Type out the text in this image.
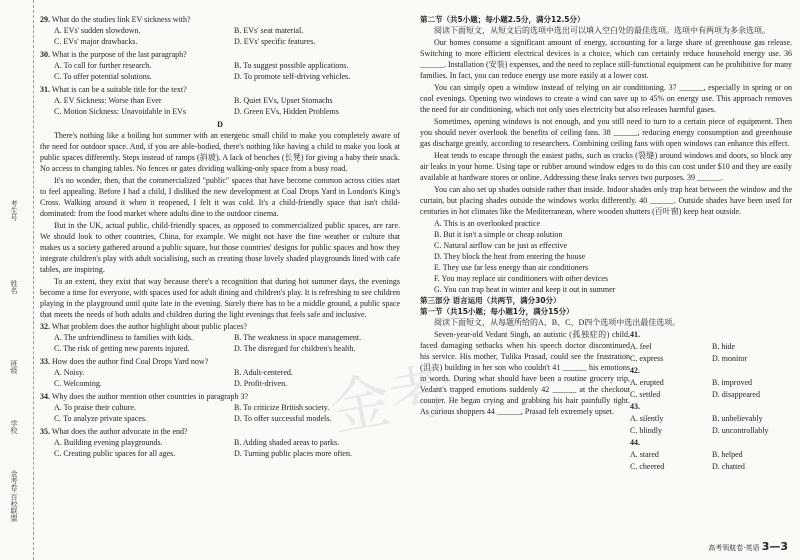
考生号
姓名
班级
学校
金考卷·百校联盟
29. What do the studies link EV sickness with?
A. EVs' sudden slowdown.	B. EVs' seat material.
C. EVs' major drawbacks.	D. EVs' specific features.
30. What is the purpose of the last paragraph?
A. To call for further research.	B. To suggest possible applications.
C. To offer potential solutions.	D. To promote self-driving vehicles.
31. What is can be a suitable title for the text?
A. EV Sickness: Worse than Ever	B. Quiet EVs, Upset Stomachs
C. Motion Sickness: Unavoidable in EVs	D. Green EVs, Hidden Problems
D

There's nothing like a boiling hot summer with an energetic small child to make you completely aware of the need for outdoor space. And, if you are able-bodied, there's nothing like having a child to make you look at public spaces differently. Steps instead of ramps (斜坡). A lack of benches (长凳) for giving a baby their snack. No access to changing tables. No fences or gates dividing walking-only space from a busy road.

It's no wonder, then, that the commercialized "public" spaces that have become common across cities start to feel appealing. Before I had a child, I disliked the new development at Coal Drops Yard in London's King's Cross. Walking around it when it reopened, I felt it was cold. It's a child-friendly space that isn't child-dominated: from the food market where adults dine to the outdoor cinema.

But in the UK, actual public, child-friendly spaces, as opposed to commercialized public spaces, are rare. We should look to other countries, China, for example. We might not have the fine weather or culture that makes us a society gathered around a public square, but those countries' designs for public spaces and how they integrate children's play with adult socialising, such as creating those lovely shaded playgrounds lined with cafe tables, are inspiring.

To an extent, they exist that way because there's a recognition that during hot summer days, the evenings become a time for everyone, with spaces used for adult dining and children's play. It is refreshing to see children playing in the playground until quite late in the evening. Surely there has to be a middle ground, a public space that meets the needs of both adults and children during the light evenings that feels safe and inclusive.

32. What problem does the author highlight about public places?
A. The unfriendliness to families with kids.	B. The weakness in space management.
C. The risk of getting new parents injured.	D. The disregard for children's health.
33. How does the author find Coal Drops Yard now?
A. Noisy.	B. Adult-centered.
C. Welcoming.	D. Profit-driven.
34. Why does the author mention other countries in paragraph 3?
A. To praise their culture.	B. To criticize British society.
C. To analyze private spaces.	D. To offer successful models.
35. What does the author advocate in the end?
A. Building evening playgrounds.	B. Adding shaded areas to parks.
C. Creating public spaces for all ages.	D. Turning public places more often.
第二节（共5小题；每小题2.5分，满分12.5分）

阅读下面短文，从短文后的选项中选出可以填入空白处的最佳选项。选项中有两项为多余选项。

Our homes consume a significant amount of energy, accounting for a large share of greenhouse gas release. Switching to more efficient electrical devices is a choice, which can certainly reduce household energy use. 36 ______. Installation (安装) expenses, and the need to replace still-functional equipment can be prohibitive for many families. In fact, you can reduce energy use more easily at a lower cost.

You can simply open a window instead of relying on air conditioning. 37 ______, especially in spring or on cool evenings. Opening two windows to create a wind can save up to 45% on energy use. This approach removes the need for air conditioning, which not only uses electricity but also releases harmful gases.

Sometimes, opening windows is not enough, and you still need to turn to a certain piece of equipment. Then you should never overlook the benefits of ceiling fans. 38 ______, reducing energy consumption and greenhouse gas discharge greatly, according to researchers. Combining ceiling fans with open windows can enhance this effect.

Heat tends to escape through the easiest paths, such as cracks (裂缝) around windows and doors, so block any air leaks in your home. Using tape or rubber around window edges to do this can cost under $10 and they are easily available at hardware stores or online. Addressing these leaks serves two purposes. 39 ______.

You can also set up shades outside rather than inside. Indoor shades only trap heat between the window and the curtain, but placing shades outside the windows works differently. 40 ______. Outside shades have been used for centuries in hot climates like the Mediterranean, where wooden shutters (百叶窗) keep heat outside.

A. This is an overlooked practice
B. But it isn't a simple or cheap solution
C. Natural airflow can be just as effective
D. They block the heat from entering the house
E. They use far less energy than air conditioners
F. You may replace air conditioners with other devices
G. You can trap heat in winter and keep it out in summer
第三部分 语言运用（共两节，满分30分）
第一节（共15小题；每小题1分，满分15分）

阅读下面短文，从每题所给的A、B、C、D四个选项中选出最佳选项。

Seven-year-old Vedant Singh, an autistic (孤独症的) child, faced damaging setbacks when his speech doctor discontinued his service. His mother, Tulika Prasad, could see the frustration (沮丧) building in her son who couldn't 41 ______ his emotions in words. During what should have been a routine grocery trip, Vedant's trapped emotions suddenly 42 ______ at the checkout counter. He began crying and grabbing his hair painfully tight. As curious shoppers 44 ______, Prasad felt extremely upset.

41.
A. feel	B. hide
C. express	D. monitor
42.
A. erupted	B. improved
C. settled	D. disappeared
43.
A. silently	B. unbelievably
C. blindly	D. uncontrollably
44.
A. stared	B. helped
C. cheered	D. chatted
金考
高考领航卷·英语 3—3
